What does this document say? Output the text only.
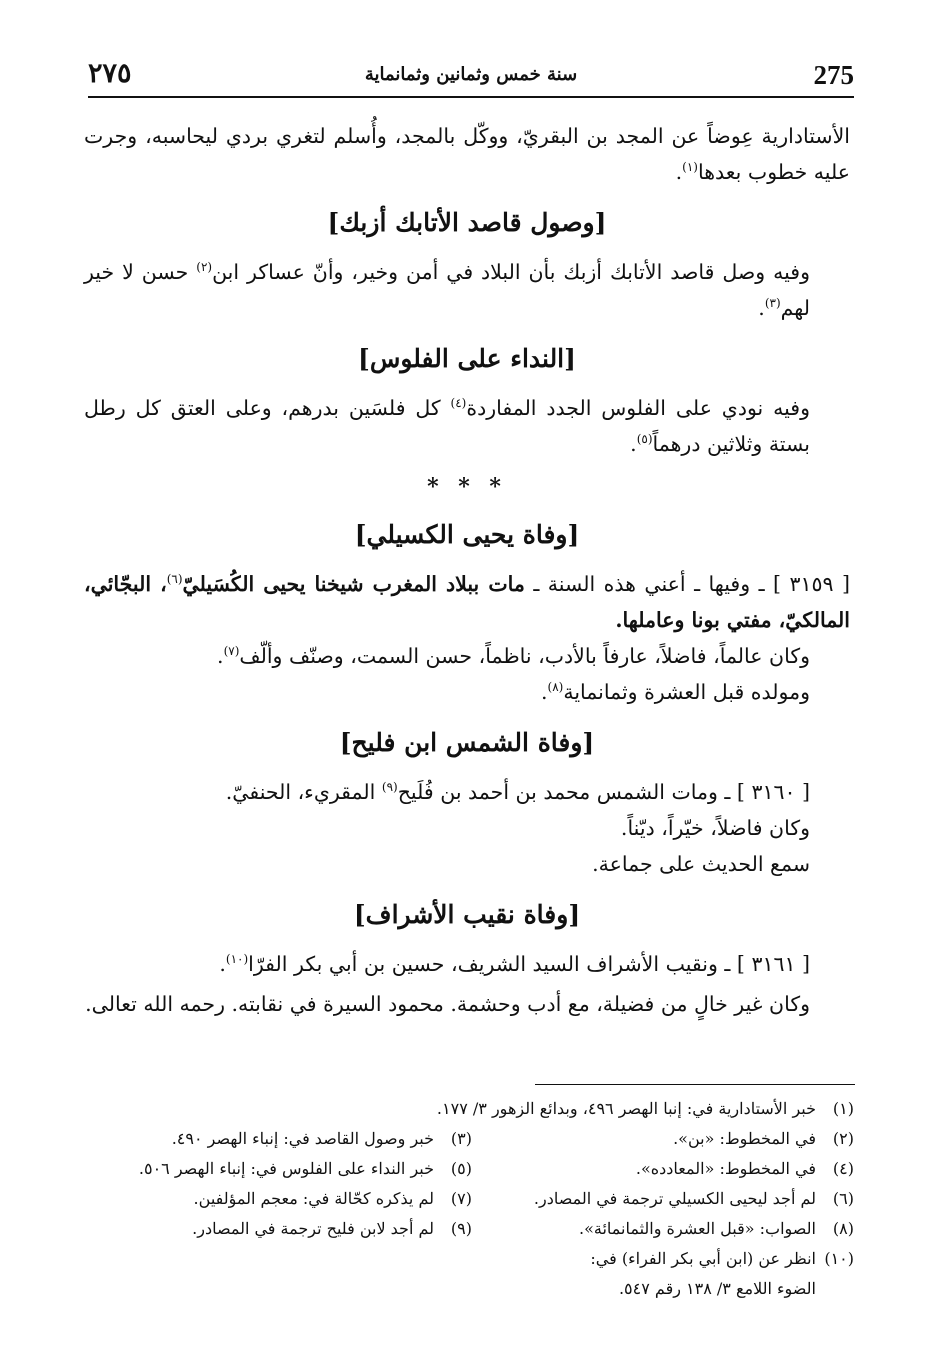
275
سنة خمس وثمانين وثمانماية
٢٧٥

الأستادارية عِوضاً عن المجد بن البقريّ، ووكّل بالمجد، وأُسلم لتغري بردي ليحاسبه، وجرت عليه خطوب بعدها$^{(١)}$.

[وصول قاصد الأتابك أزبك]

وفيه وصل قاصد الأتابك أزبك بأن البلاد في أمن وخير، وأنّ عساكر ابن$^{(٢)}$ حسن لا خير لهم$^{(٣)}$.

[النداء على الفلوس]

وفيه نودي على الفلوس الجدد المفاردة$^{(٤)}$ كل فلسَين بدرهم، وعلى العتق كل رطل بستة وثلاثين درهماً$^{(٥)}$.

* * *
[وفاة يحيى الكسيلي]

[ ٣١٥٩ ] ـ وفيها ـ أعني هذه السنة ـ مات ببلاد المغرب شيخنا يحيى الكُسَيليّ$^{(٦)}$، البجّائي، المالكيّ، مفتي بونا وعاملها.

وكان عالماً، فاضلاً، عارفاً بالأدب، ناظماً، حسن السمت، وصنّف وألّف$^{(٧)}$.

ومولده قبل العشرة وثمانماية$^{(٨)}$.

[وفاة الشمس ابن فليح]

[ ٣١٦٠ ] ـ ومات الشمس محمد بن أحمد بن فُلَيح$^{(٩)}$ المقريء، الحنفيّ.

وكان فاضلاً، خيّراً، ديّناً.

سمع الحديث على جماعة.

[وفاة نقيب الأشراف]

[ ٣١٦١ ] ـ ونقيب الأشراف السيد الشريف، حسين بن أبي بكر الفرّا$^{(١٠)}$.

وكان غير خالٍ من فضيلة، مع أدب وحشمة. محمود السيرة في نقابته. رحمه الله تعالى.

(١)خبر الأستادارية في: إنبا الهصر ٤٩٦، وبدائع الزهور ٣/ ١٧٧.
(٢)في المخطوط: «بن».
(٣)خبر وصول القاصد في: إنباء الهصر ٤٩٠.
(٤)في المخطوط: «المعادده».
(٥)خبر النداء على الفلوس في: إنباء الهصر ٥٠٦.
(٦)لم أجد ليحيى الكسيلي ترجمة في المصادر.
(٧)لم يذكره كحّالة في: معجم المؤلفين.
(٨)الصواب: «قبل العشرة والثمانمائة».
(٩)لم أجد لابن فليح ترجمة في المصادر.
(١٠)انظر عن (ابن أبي بكر الفراء) في:
الضوء اللامع ٣/ ١٣٨ رقم ٥٤٧.
